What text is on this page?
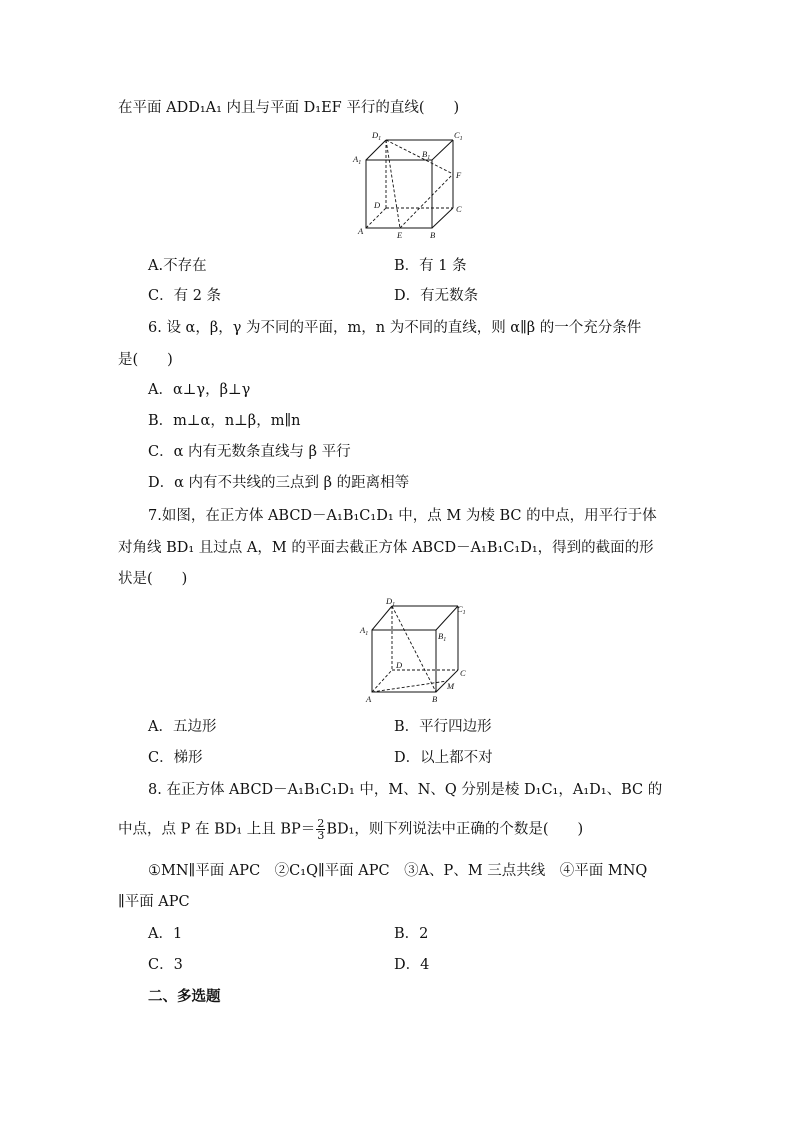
在平面 ADD₁A₁ 内且与平面 D₁EF 平行的直线(　　)
$D_1$	$C_1$
$A_1$
$B_1$
F
D	C
A	E	B
A.不存在	B．有 1 条
C．有 2 条	D．有无数条
6. 设 α，β，γ 为不同的平面，m，n 为不同的直线，则 α∥β 的一个充分条件
是(　　)
A．α⊥γ，β⊥γ
B．m⊥α，n⊥β，m∥n
C．α 内有无数条直线与 β 平行
D．α 内有不共线的三点到 β 的距离相等
7.如图，在正方体 ABCD－A₁B₁C₁D₁ 中，点 M 为棱 BC 的中点，用平行于体
对角线 BD₁ 且过点 A，M 的平面去截正方体 ABCD－A₁B₁C₁D₁，得到的截面的形
状是(　　)
$D_1$	$C_1$
$A_1$	$B_1$
D
C
M
A	B
A．五边形	B．平行四边形
C．梯形	D．以上都不对
8. 在正方体 ABCD－A₁B₁C₁D₁ 中，M、N、Q 分别是棱 D₁C₁，A₁D₁、BC 的
中点，点 P 在 BD₁ 上且 $BP= \frac{2}{3} BD_1$，则下列说法中正确的个数是(　　)
①MN∥平面 APC　②C₁Q∥平面 APC　③A、P、M 三点共线　④平面 MNQ
∥平面 APC
A．1	B．2
C．3	D．4
二、多选题
